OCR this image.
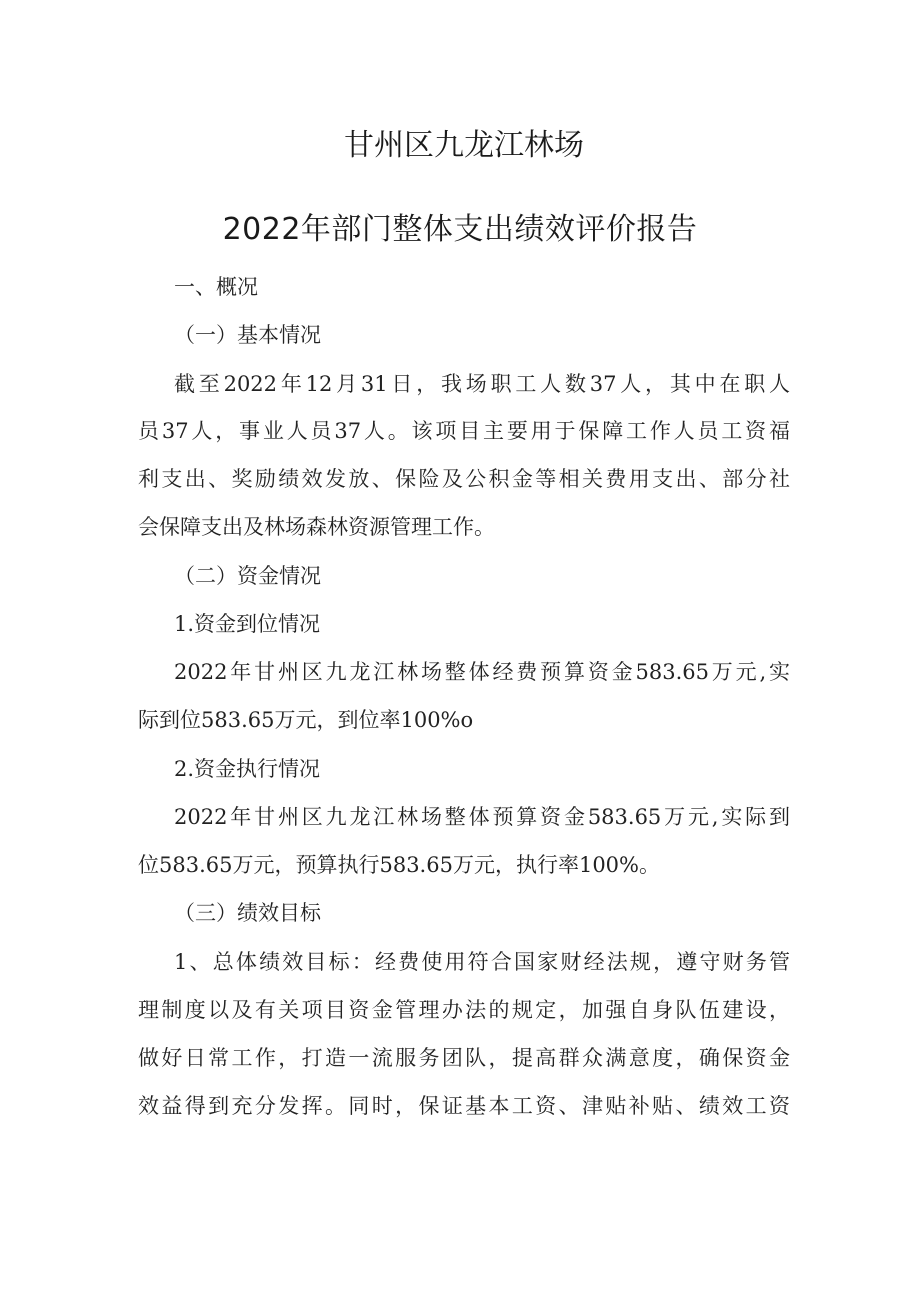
甘州区九龙江林场
2022年部门整体支出绩效评价报告
一、概况
（一）基本情况
截至2022年12月31日，我场职工人数37人，其中在职人
员37人，事业人员37人。该项目主要用于保障工作人员工资福
利支出、奖励绩效发放、保险及公积金等相关费用支出、部分社
会保障支出及林场森林资源管理工作。
（二）资金情况
1.资金到位情况
2022年甘州区九龙江林场整体经费预算资金583.65万元,实
际到位583.65万元，到位率100%o
2.资金执行情况
2022年甘州区九龙江林场整体预算资金583.65万元,实际到
位583.65万元，预算执行583.65万元，执行率100%。
（三）绩效目标
1、总体绩效目标：经费使用符合国家财经法规，遵守财务管
理制度以及有关项目资金管理办法的规定，加强自身队伍建设，
做好日常工作，打造一流服务团队，提高群众满意度，确保资金
效益得到充分发挥。同时，保证基本工资、津贴补贴、绩效工资
